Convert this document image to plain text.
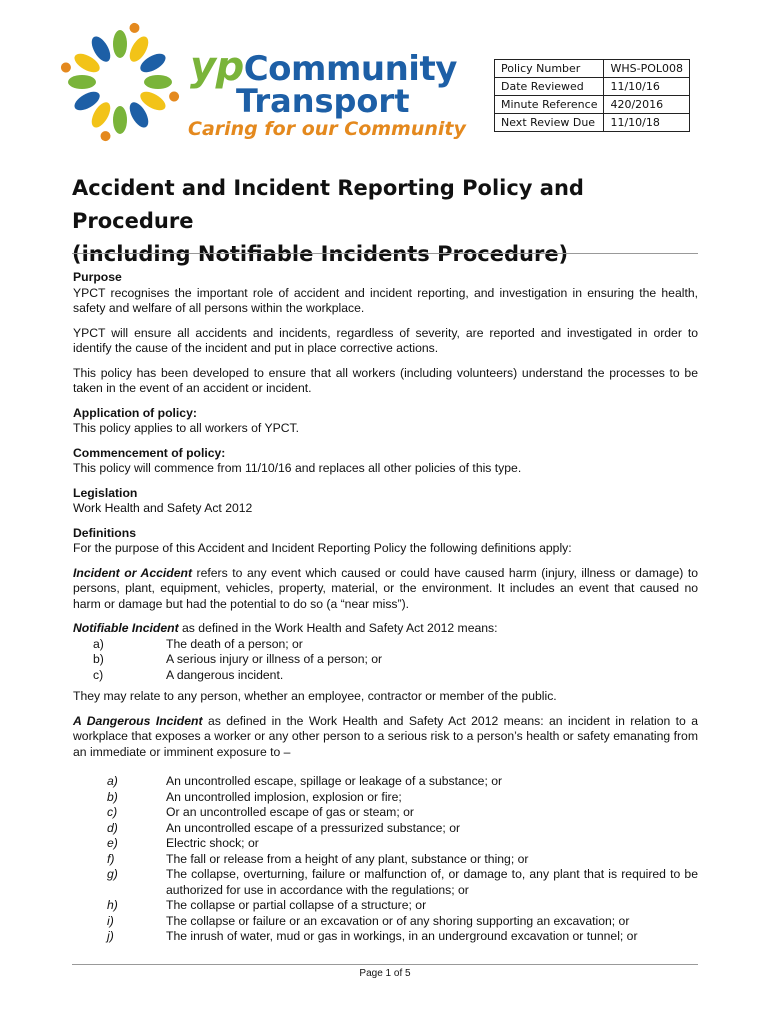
ypCommunity
Transport
Caring for our Community
Policy Number	WHS-POL008
Date Reviewed	11/10/16
Minute Reference	420/2016
Next Review Due	11/10/18
Accident and Incident Reporting Policy and Procedure
(including Notifiable Incidents Procedure)
Purpose

YPCT recognises the important role of accident and incident reporting, and investigation in ensuring the health, safety and welfare of all persons within the workplace.

YPCT will ensure all accidents and incidents, regardless of severity, are reported and investigated in order to identify the cause of the incident and put in place corrective actions.

This policy has been developed to ensure that all workers (including volunteers) understand the processes to be taken in the event of an accident or incident.

Application of policy:
This policy applies to all workers of YPCT.
Commencement of policy:
This policy will commence from 11/10/16 and replaces all other policies of this type.
Legislation
Work Health and Safety Act 2012
Definitions

For the purpose of this Accident and Incident Reporting Policy the following definitions apply:

Incident or Accident refers to any event which caused or could have caused harm (injury, illness or damage) to persons, plant, equipment, vehicles, property, material, or the environment. It includes an event that caused no harm or damage but had the potential to do so (a “near miss”).

Notifiable Incident as defined in the Work Health and Safety Act 2012 means:

a)	The death of a person; or
b)	A serious injury or illness of a person; or
c)	A dangerous incident.

They may relate to any person, whether an employee, contractor or member of the public.

A Dangerous Incident as defined in the Work Health and Safety Act 2012 means: an incident in relation to a workplace that exposes a worker or any other person to a serious risk to a person’s health or safety emanating from an immediate or imminent exposure to –

a)	An uncontrolled escape, spillage or leakage of a substance; or
b)	An uncontrolled implosion, explosion or fire;
c)	Or an uncontrolled escape of gas or steam; or
d)	An uncontrolled escape of a pressurized substance; or
e)	Electric shock; or
f)	The fall or release from a height of any plant, substance or thing; or
g)	The collapse, overturning, failure or malfunction of, or damage to, any plant that is required to be authorized for use in accordance with the regulations; or
h)	The collapse or partial collapse of a structure; or
i)	The collapse or failure or an excavation or of any shoring supporting an excavation; or
j)	The inrush of water, mud or gas in workings, in an underground excavation or tunnel; or
Page 1 of 5
